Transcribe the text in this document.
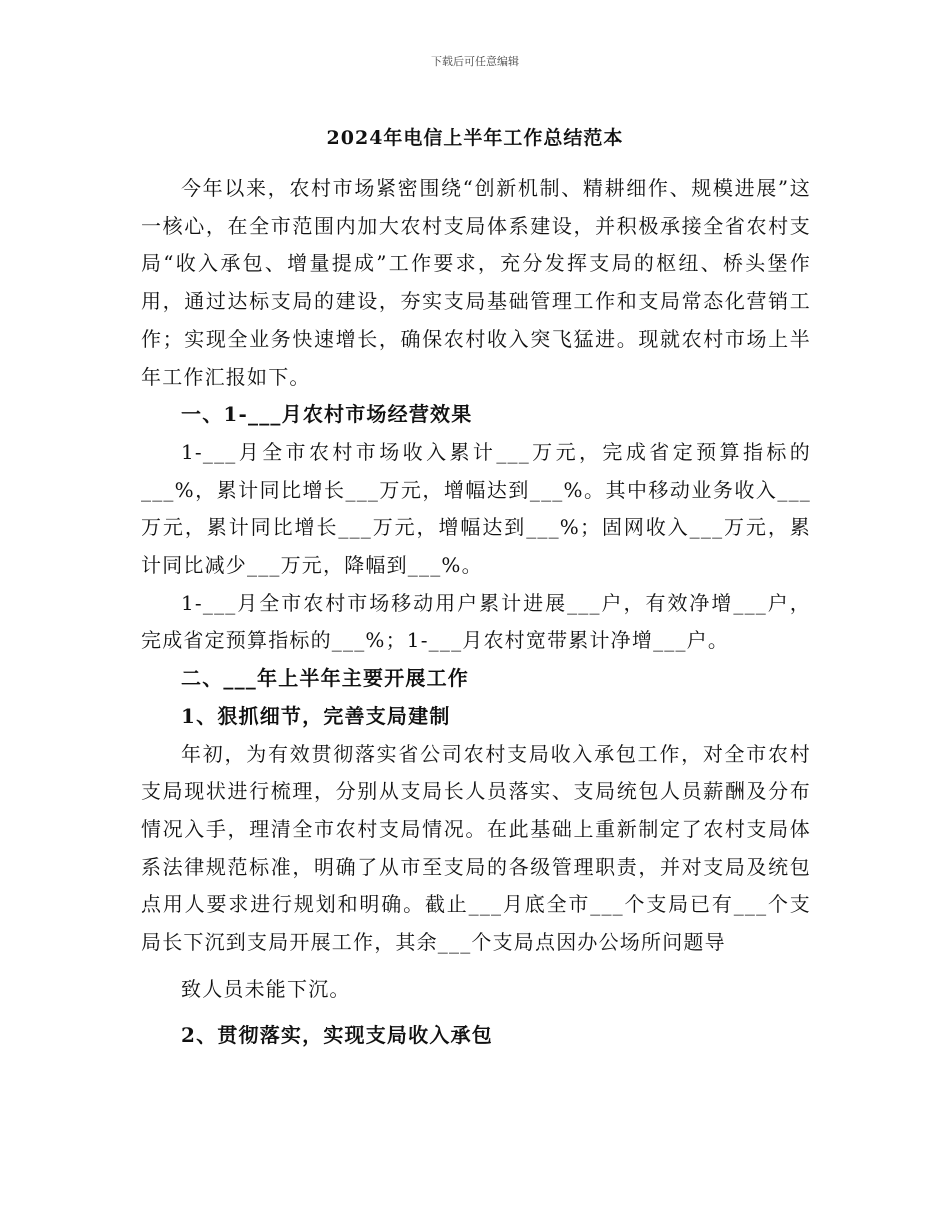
下载后可任意编辑
2024年电信上半年工作总结范本

今年以来，农村市场紧密围绕“创新机制、精耕细作、规模进展”这一核心，在全市范围内加大农村支局体系建设，并积极承接全省农村支局“收入承包、增量提成”工作要求，充分发挥支局的枢纽、桥头堡作用，通过达标支局的建设，夯实支局基础管理工作和支局常态化营销工作；实现全业务快速增长，确保农村收入突飞猛进。现就农村市场上半年工作汇报如下。

一、1-___月农村市场经营效果

1-___月全市农村市场收入累计___万元，完成省定预算指标的___%，累计同比增长___万元，增幅达到___%。其中移动业务收入___万元，累计同比增长___万元，增幅达到___%；固网收入___万元，累计同比减少___万元，降幅到___%。

1-___月全市农村市场移动用户累计进展___户，有效净增___户，完成省定预算指标的___%；1-___月农村宽带累计净增___户。

二、___年上半年主要开展工作

1、狠抓细节，完善支局建制

年初，为有效贯彻落实省公司农村支局收入承包工作，对全市农村支局现状进行梳理，分别从支局长人员落实、支局统包人员薪酬及分布情况入手，理清全市农村支局情况。在此基础上重新制定了农村支局体系法律规范标准，明确了从市至支局的各级管理职责，并对支局及统包点用人要求进行规划和明确。截止___月底全市___个支局已有___个支局长下沉到支局开展工作，其余___个支局点因办公场所问题导

致人员未能下沉。

2、贯彻落实，实现支局收入承包
